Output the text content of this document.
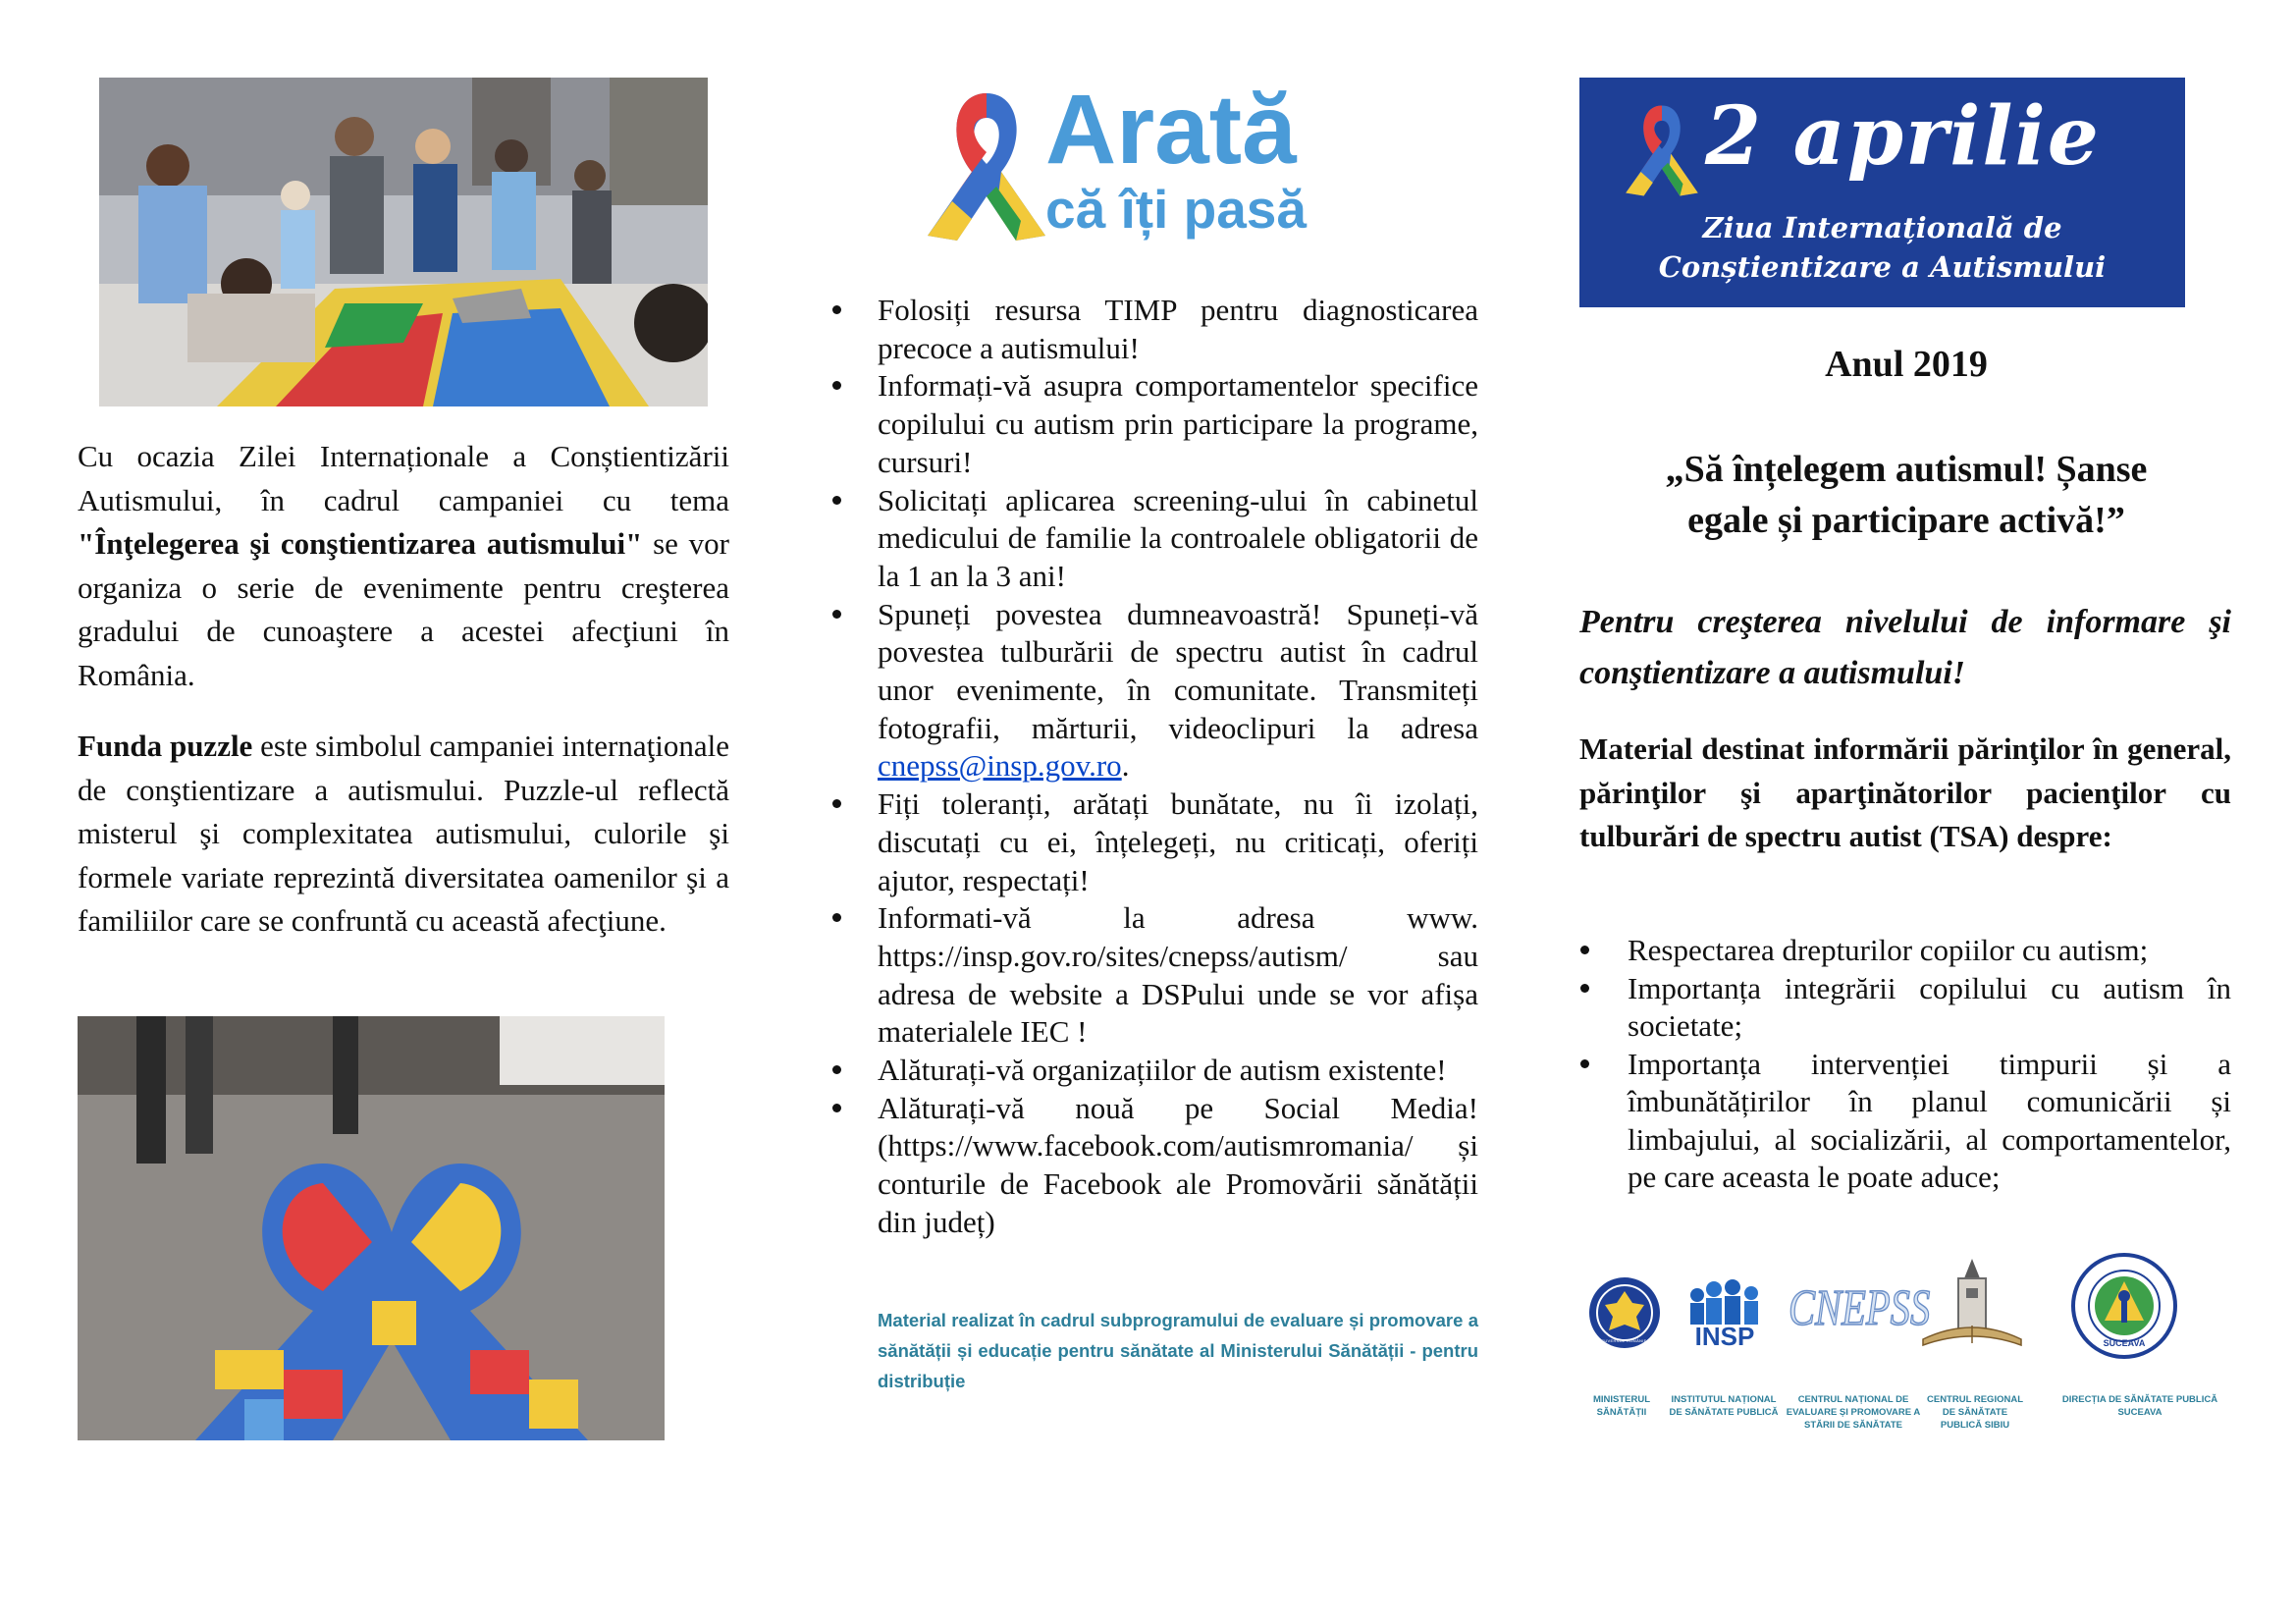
Cu ocazia Zilei Internaționale a Conștientizării Autismului, în cadrul campaniei cu tema "Înţelegerea şi conştientizarea autismului" se vor organiza o serie de evenimente pentru creşterea gradului de cunoaştere a acestei afecţiuni în România.
Funda puzzle este simbolul campaniei internaţionale de conştientizare a autismului. Puzzle-ul reflectă misterul şi complexitatea autismului, culorile şi formele variate reprezintă diversitatea oamenilor şi a familiilor care se confruntă cu această afecţiune.
Arată
că îți pasă
Folosiți resursa TIMP pentru diagnosticarea precoce a autismului!
Informați-vă asupra comportamentelor specifice copilului cu autism prin participare la programe, cursuri!
Solicitați aplicarea screening-ului în cabinetul medicului de familie la controalele obligatorii de la 1 an la 3 ani!
Spuneți povestea dumneavoastră! Spuneți-vă povestea tulburării de spectru autist în cadrul unor evenimente, în comunitate. Transmiteți fotografii, mărturii, videoclipuri la adresa cnepss@insp.gov.ro.
Fiți toleranți, arătați bunătate, nu îi izolați, discutați cu ei, înțelegeți, nu criticați, oferiți ajutor, respectați!
Informati-vă la adresa www. https://insp.gov.ro/sites/cnepss/autism/ sau adresa de website a DSPului unde se vor afișa materialele IEC !
Alăturați-vă organizațiilor de autism existente!
Alăturați-vă nouă pe Social Media! (https://www.facebook.com/autismromania/ și conturile de Facebook ale Promovării sănătății din județ)
Material realizat în cadrul subprogramului de evaluare și promovare a sănătății și educație pentru sănătate al Ministerului Sănătății - pentru distribuție
2 aprilie
Ziua Internațională de
Conștientizare a Autismului
Anul 2019
„Să înțelegem autismul! Șanse
egale și participare activă!”
Pentru creşterea nivelului de informare şi conştientizare a autismului!
Material destinat informării părinţilor în general, părinţilor şi aparţinătorilor pacienţilor cu tulburări de spectru autist (TSA) despre:
Respectarea drepturilor copiilor cu autism;
Importanța integrării copilului cu autism în societate;
Importanța intervenției timpurii și a îmbunătățirilor în planul comunicării și limbajului, al socializării, al comportamentelor, pe care aceasta le poate aduce;
GUVERNUL ROMÂNIEI	INSP CNEPSS
SUCEAVA
MINISTERUL SĂNĂTĂȚII
INSTITUTUL NAȚIONAL DE SĂNĂTATE PUBLICĂ
CENTRUL NAȚIONAL DE EVALUARE ȘI PROMOVARE A STĂRII DE SĂNĂTATE
CENTRUL REGIONAL DE SĂNĂTATE PUBLICĂ SIBIU
DIRECȚIA DE SĂNĂTATE PUBLICĂ SUCEAVA
